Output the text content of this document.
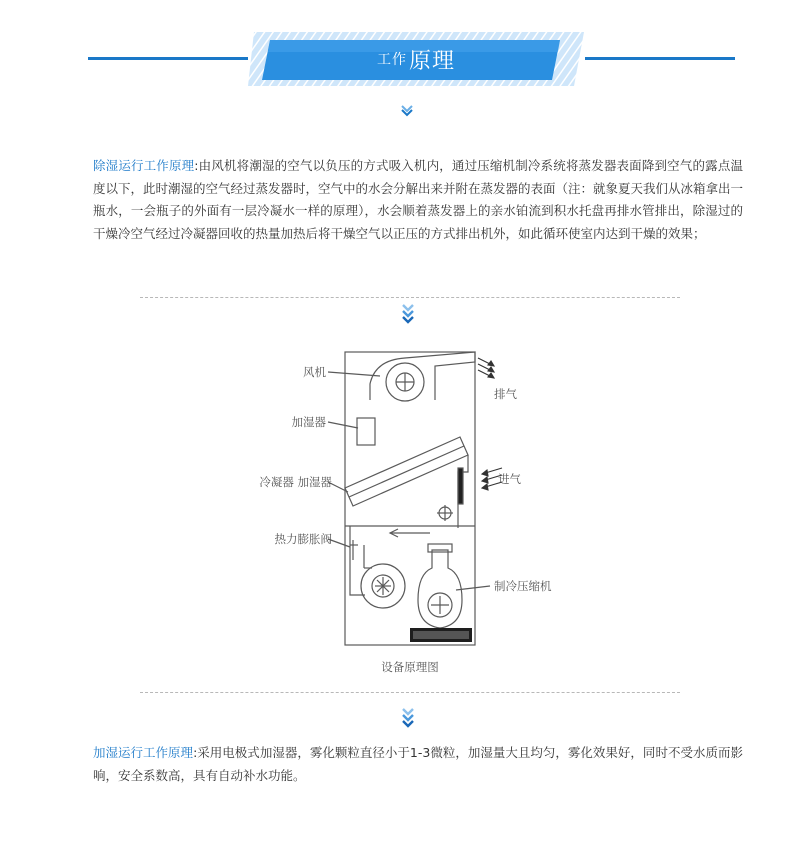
工作 原理
除湿运行工作原理:由风机将潮湿的空气以负压的方式吸入机内，通过压缩机制冷系统将蒸发器表面降到空气的露点温度以下，此时潮湿的空气经过蒸发器时，空气中的水会分解出来并附在蒸发器的表面（注：就象夏天我们从冰箱拿出一瓶水，一会瓶子的外面有一层冷凝水一样的原理），水会顺着蒸发器上的亲水铂流到积水托盘再排水管排出，除湿过的干燥冷空气经过冷凝器回收的热量加热后将干燥空气以正压的方式排出机外，如此循环使室内达到干燥的效果；
风机
加湿器
冷凝器 加湿器
热力膨胀阀
排气
进气
制冷压缩机
设备原理图
加湿运行工作原理:采用电极式加湿器，雾化颗粒直径小于1-3微粒，加湿量大且均匀，雾化效果好，同时不受水质而影响，安全系数高，具有自动补水功能。
